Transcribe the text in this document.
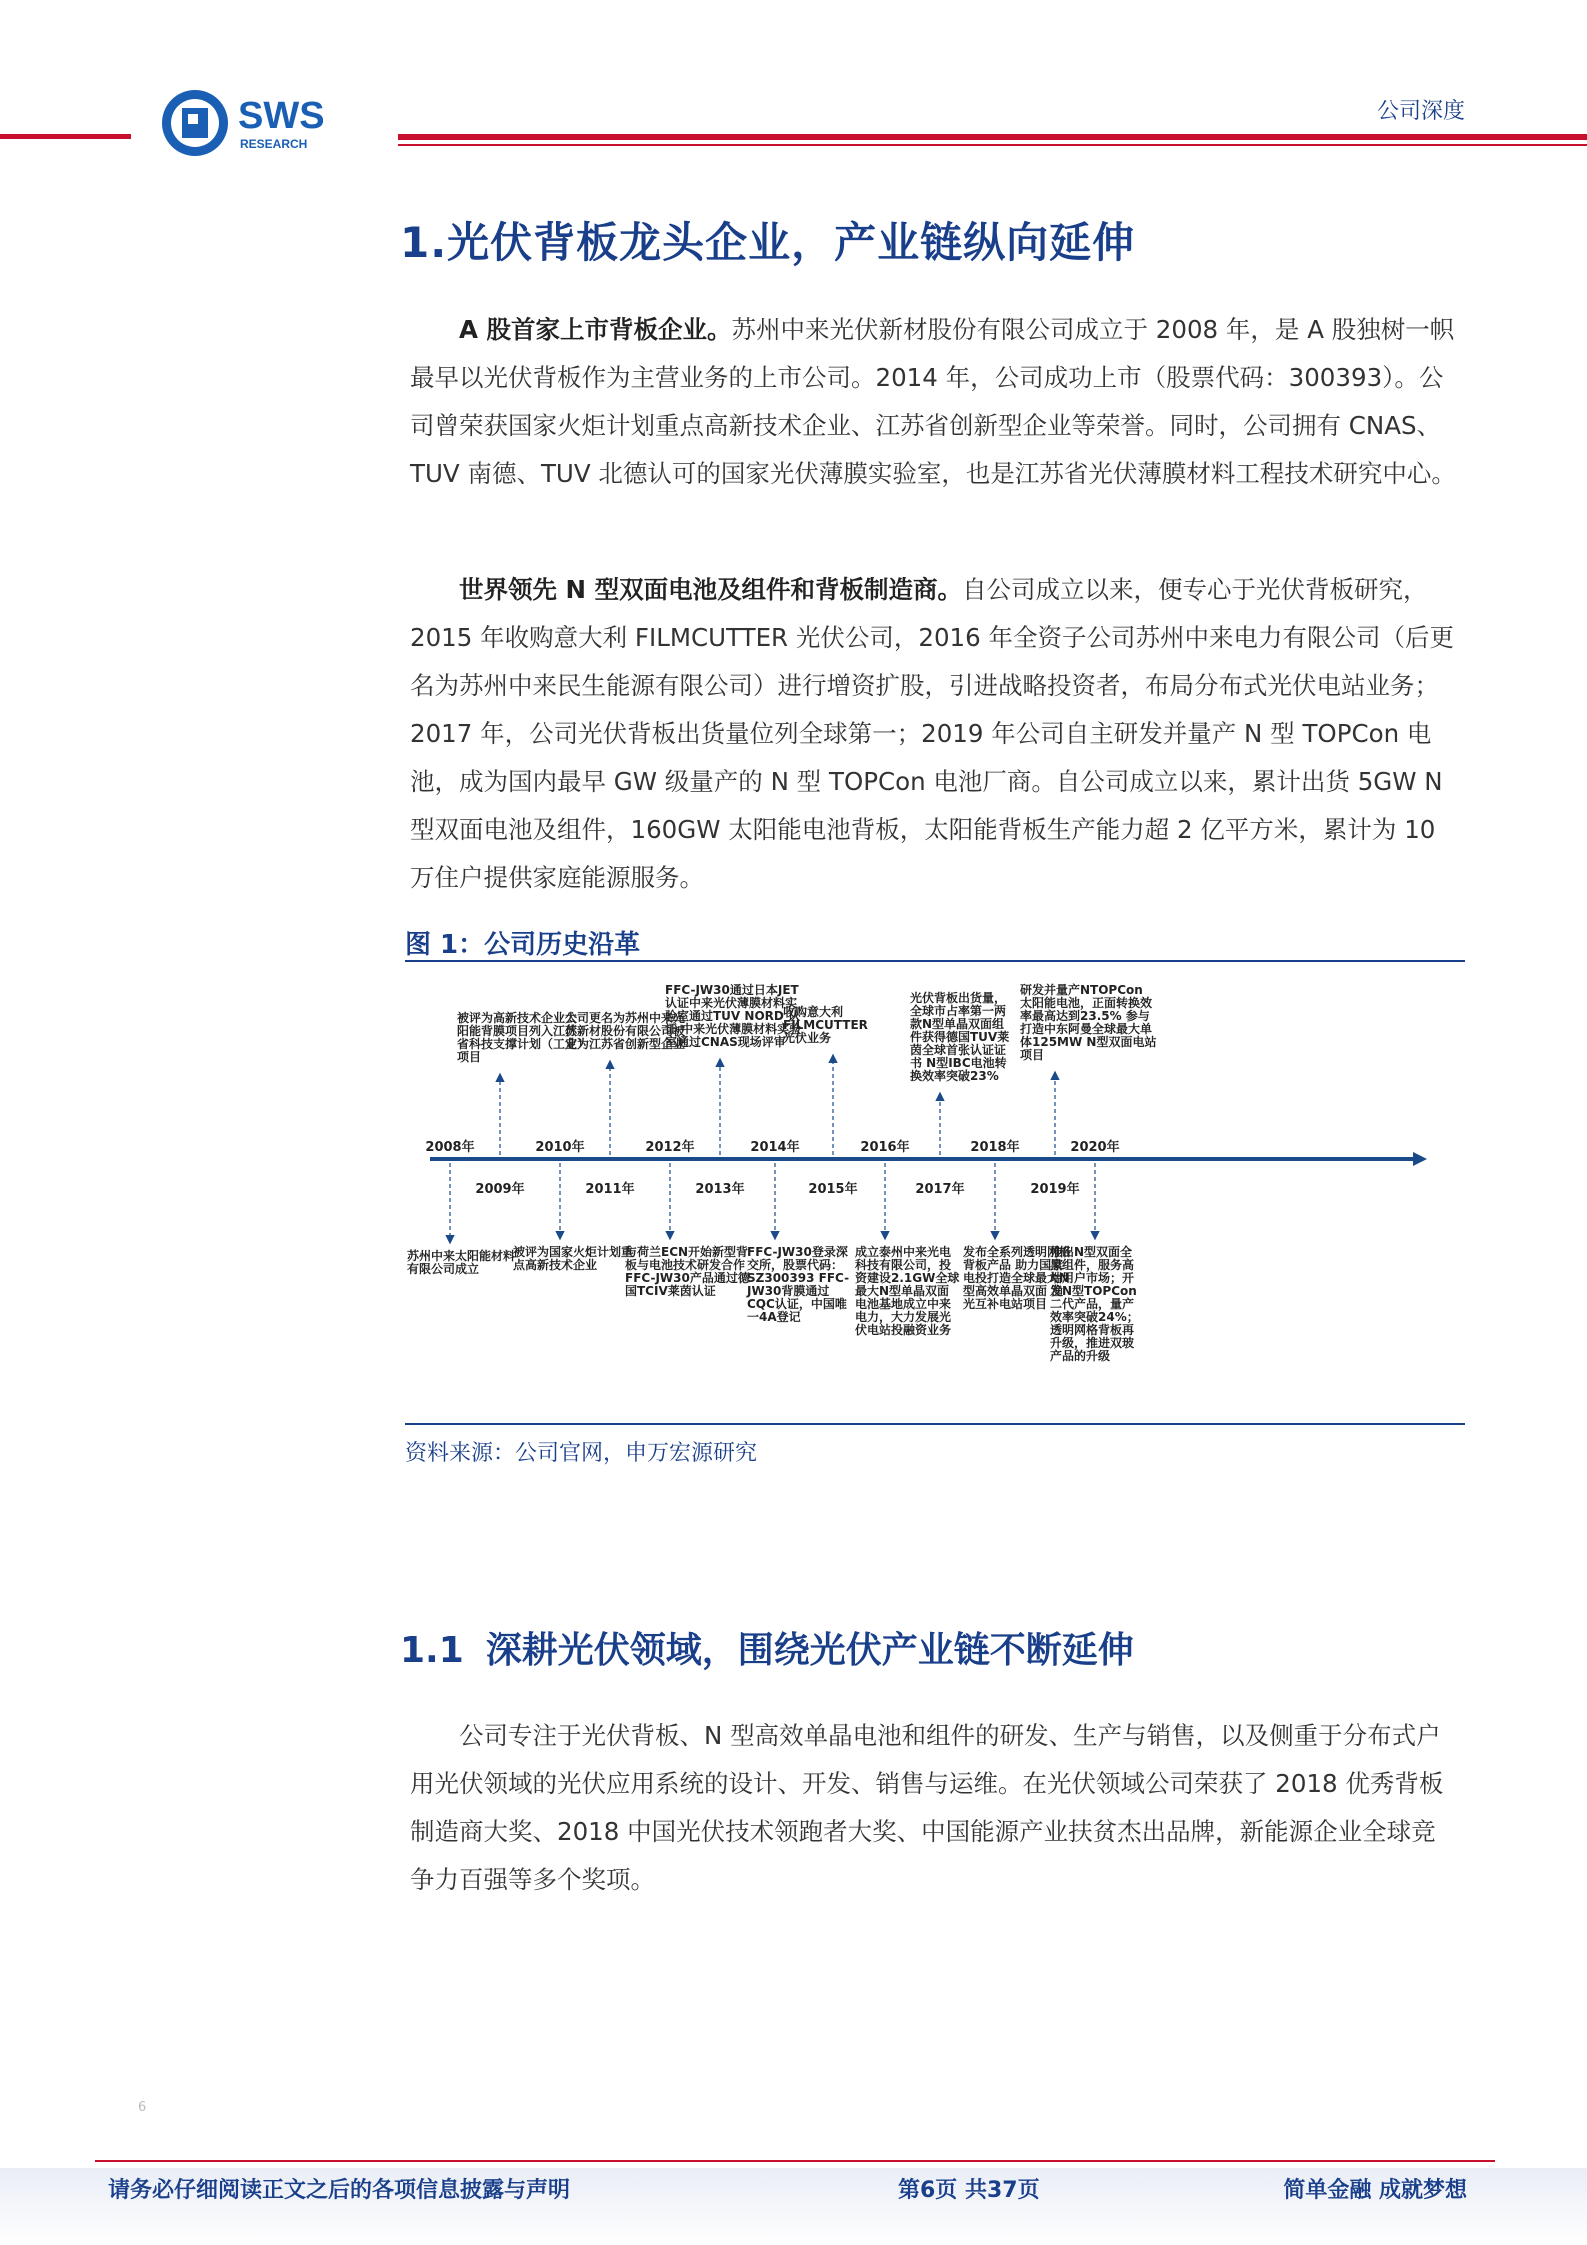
SWS
RESEARCH
公司深度
1.光伏背板龙头企业，产业链纵向延伸
A 股首家上市背板企业。苏州中来光伏新材股份有限公司成立于 2008 年，是 A 股独树一帜最早以光伏背板作为主营业务的上市公司。2014 年，公司成功上市（股票代码：300393）。公司曾荣获国家火炬计划重点高新技术企业、江苏省创新型企业等荣誉。同时，公司拥有 CNAS、TUV 南德、TUV 北德认可的国家光伏薄膜实验室，也是江苏省光伏薄膜材料工程技术研究中心。
世界领先 N 型双面电池及组件和背板制造商。自公司成立以来，便专心于光伏背板研究， 2015 年收购意大利 FILMCUTTER 光伏公司，2016 年全资子公司苏州中来电力有限公司（后更名为苏州中来民生能源有限公司）进行增资扩股，引进战略投资者，布局分布式光伏电站业务；2017 年，公司光伏背板出货量位列全球第一；2019 年公司自主研发并量产 N 型 TOPCon 电池，成为国内最早 GW 级量产的 N 型 TOPCon 电池厂商。自公司成立以来，累计出货 5GW N 型双面电池及组件，160GW 太阳能电池背板，太阳能背板生产能力超 2 亿平方米，累计为 10 万住户提供家庭能源服务。
图 1：公司历史沿革
2008年	2010年	2012年	2014年	2016年	2018年	2020年
2009年	2011年	2013年	2015年	2017年	2019年
被评为高新技术企业太阳能背膜项目列入江苏省科技支撑计划（工业）项目
公司更名为苏州中来光伏新材股份有限公司被定为江苏省创新型企业
FFC-JW30通过日本JET 认证中来光伏薄膜材料实验室通过TUV NORD 认证 中来光伏薄膜材料实验室通过CNAS现场评审
收购意大利 FILMCUTTER 光伏业务
光伏背板出货量，全球市占率第一两款N型单晶双面组件获得德国TUV莱茵全球首张认证证书 N型IBC电池转换效率突破23%
研发并量产NTOPCon 太阳能电池，正面转换效率最高达到23.5% 参与打造中东阿曼全球最大单体125MW N型双面电站项目
苏州中来太阳能材料有限公司成立
被评为国家火炬计划重点高新技术企业
与荷兰ECN开始新型背板与电池技术研发合作 FFC-JW30产品通过德国TCIV莱茵认证
FFC-JW30登录深交所，股票代码： SZ300393 FFC-JW30背膜通过 CQC认证，中国唯一4A登记
成立泰州中来光电科技有限公司，投资建设2.1GW全球最大N型单晶双面电池基地成立中来电力，大力发展光伏电站投融资业务
发布全系列透明网格背板产品 助力国家电投打造全球最大N 型高效单晶双面 渔光互补电站项目
推出N型双面全黑组件，服务高端用户市场；开发N型TOPCon 二代产品，量产效率突破24%；透明网格背板再升级，推进双玻产品的升级
资料来源：公司官网，申万宏源研究
1.1 深耕光伏领域，围绕光伏产业链不断延伸
公司专注于光伏背板、N 型高效单晶电池和组件的研发、生产与销售，以及侧重于分布式户用光伏领域的光伏应用系统的设计、开发、销售与运维。在光伏领域公司荣获了 2018 优秀背板制造商大奖、2018 中国光伏技术领跑者大奖、中国能源产业扶贫杰出品牌，新能源企业全球竞争力百强等多个奖项。
6
请务必仔细阅读正文之后的各项信息披露与声明	第6页 共37页	简单金融 成就梦想
